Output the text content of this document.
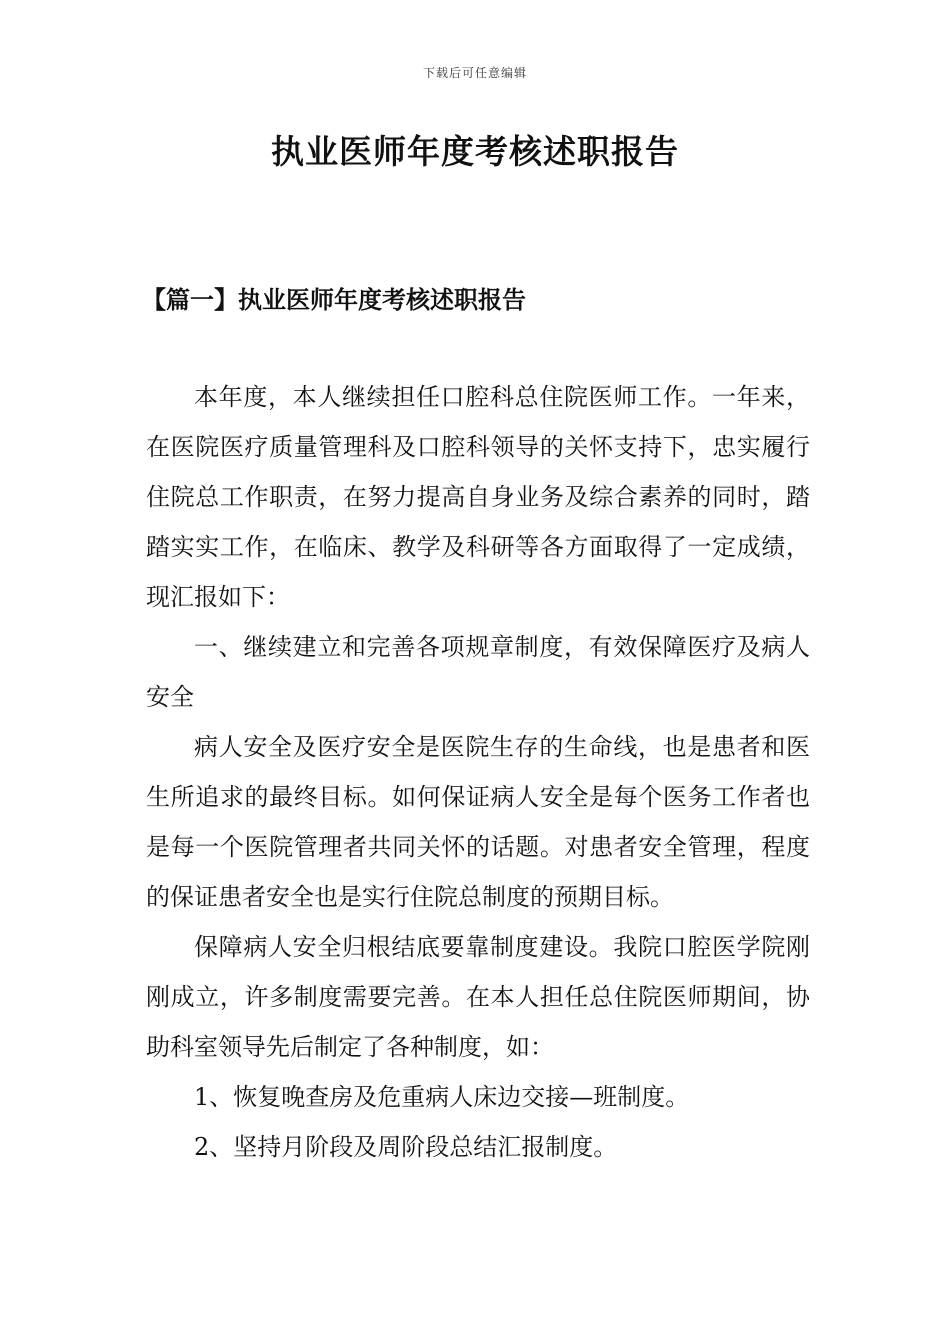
下载后可任意编辑
执业医师年度考核述职报告
【篇一】执业医师年度考核述职报告

本年度，本人继续担任口腔科总住院医师工作。一年来，在医院医疗质量管理科及口腔科领导的关怀支持下，忠实履行住院总工作职责，在努力提高自身业务及综合素养的同时，踏踏实实工作，在临床、教学及科研等各方面取得了一定成绩，现汇报如下：

一、继续建立和完善各项规章制度，有效保障医疗及病人安全

病人安全及医疗安全是医院生存的生命线，也是患者和医生所追求的最终目标。如何保证病人安全是每个医务工作者也是每一个医院管理者共同关怀的话题。对患者安全管理，程度的保证患者安全也是实行住院总制度的预期目标。

保障病人安全归根结底要靠制度建设。我院口腔医学院刚刚成立，许多制度需要完善。在本人担任总住院医师期间，协助科室领导先后制定了各种制度，如：

1、恢复晚查房及危重病人床边交接—班制度。

2、坚持月阶段及周阶段总结汇报制度。
